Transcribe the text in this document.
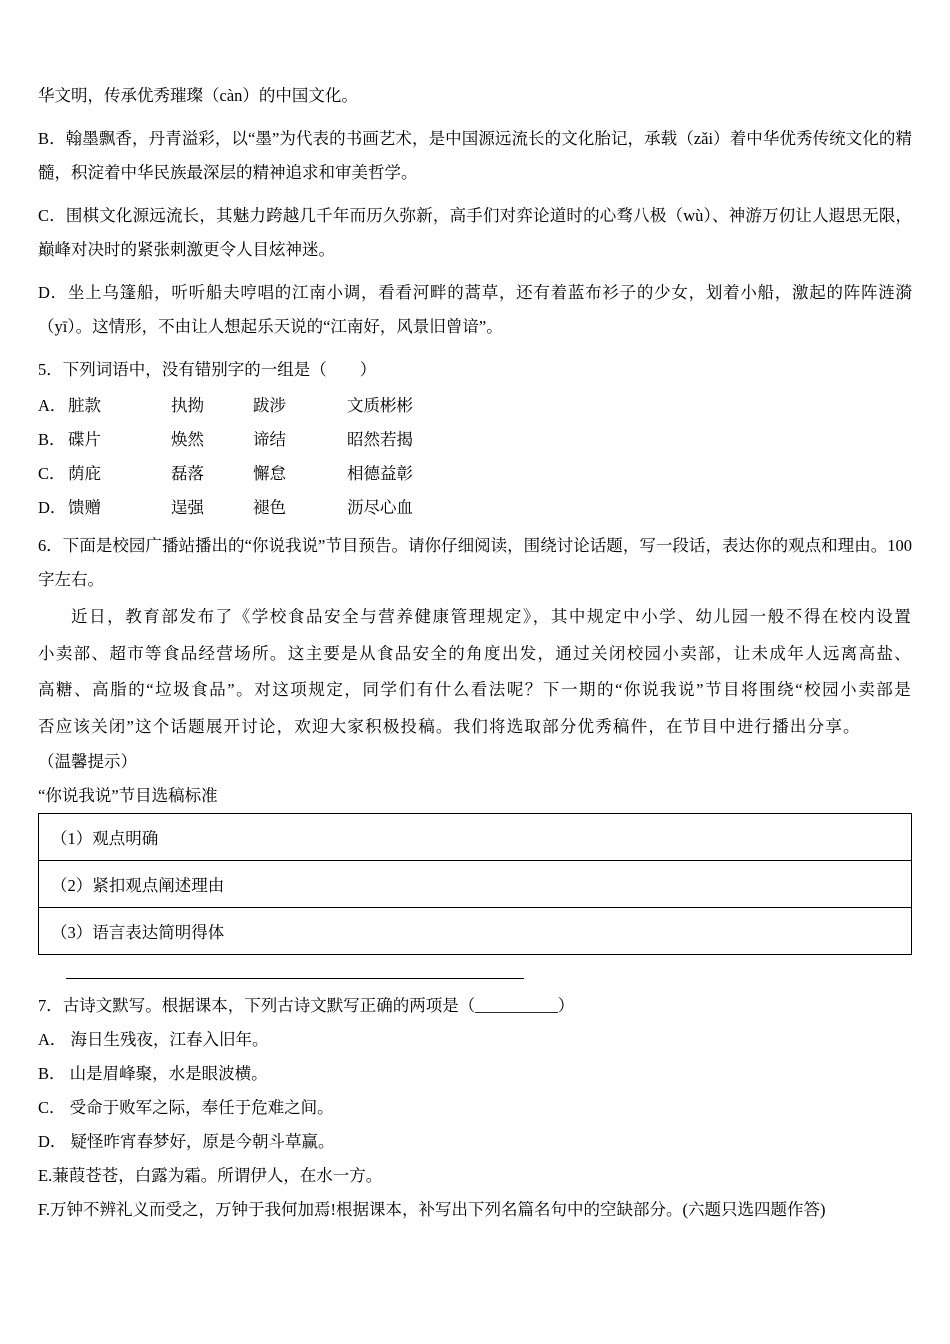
华文明，传承优秀璀璨（càn）的中国文化。

B．翰墨飘香，丹青溢彩，以“墨”为代表的书画艺术，是中国源远流长的文化胎记，承载（zǎi）着中华优秀传统文化的精髓，积淀着中华民族最深层的精神追求和审美哲学。

C．围棋文化源远流长，其魅力跨越几千年而历久弥新，高手们对弈论道时的心骛八极（wù）、神游万仞让人遐思无限，巅峰对决时的紧张刺激更令人目炫神迷。

D．坐上乌篷船，听听船夫哼唱的江南小调，看看河畔的蒿草，还有着蓝布衫子的少女，划着小船，激起的阵阵涟漪（yī）。这情形，不由让人想起乐天说的“江南好，风景旧曾谙”。

5．下列词语中，没有错别字的一组是（　　）

A． 脏款	执拗	跋涉	文质彬彬
B． 碟片	焕然	谛结	昭然若揭
C． 荫庇	磊落	懈怠	相德益彰
D． 馈赠	逞强	褪色	沥尽心血

6．下面是校园广播站播出的“你说我说”节目预告。请你仔细阅读，围绕讨论话题，写一段话，表达你的观点和理由。100字左右。

近日，教育部发布了《学校食品安全与营养健康管理规定》，其中规定中小学、幼儿园一般不得在校内设置小卖部、超市等食品经营场所。这主要是从食品安全的角度出发，通过关闭校园小卖部，让未成年人远离高盐、高糖、高脂的“垃圾食品”。对这项规定，同学们有什么看法呢？下一期的“你说我说”节目将围绕“校园小卖部是否应该关闭”这个话题展开讨论，欢迎大家积极投稿。我们将选取部分优秀稿件，在节目中进行播出分享。

（温馨提示）

“你说我说”节目选稿标准

（1）观点明确
（2）紧扣观点阐述理由
（3）语言表达简明得体

7．古诗文默写。根据课本，下列古诗文默写正确的两项是（__________）

A． 海日生残夜，江春入旧年。

B． 山是眉峰聚，水是眼波横。

C． 受命于败军之际，奉任于危难之间。

D． 疑怪昨宵春梦好，原是今朝斗草赢。

E.蒹葭苍苍，白露为霜。所谓伊人，在水一方。

F.万钟不辨礼义而受之，万钟于我何加焉!根据课本，补写出下列名篇名句中的空缺部分。(六题只选四题作答)
